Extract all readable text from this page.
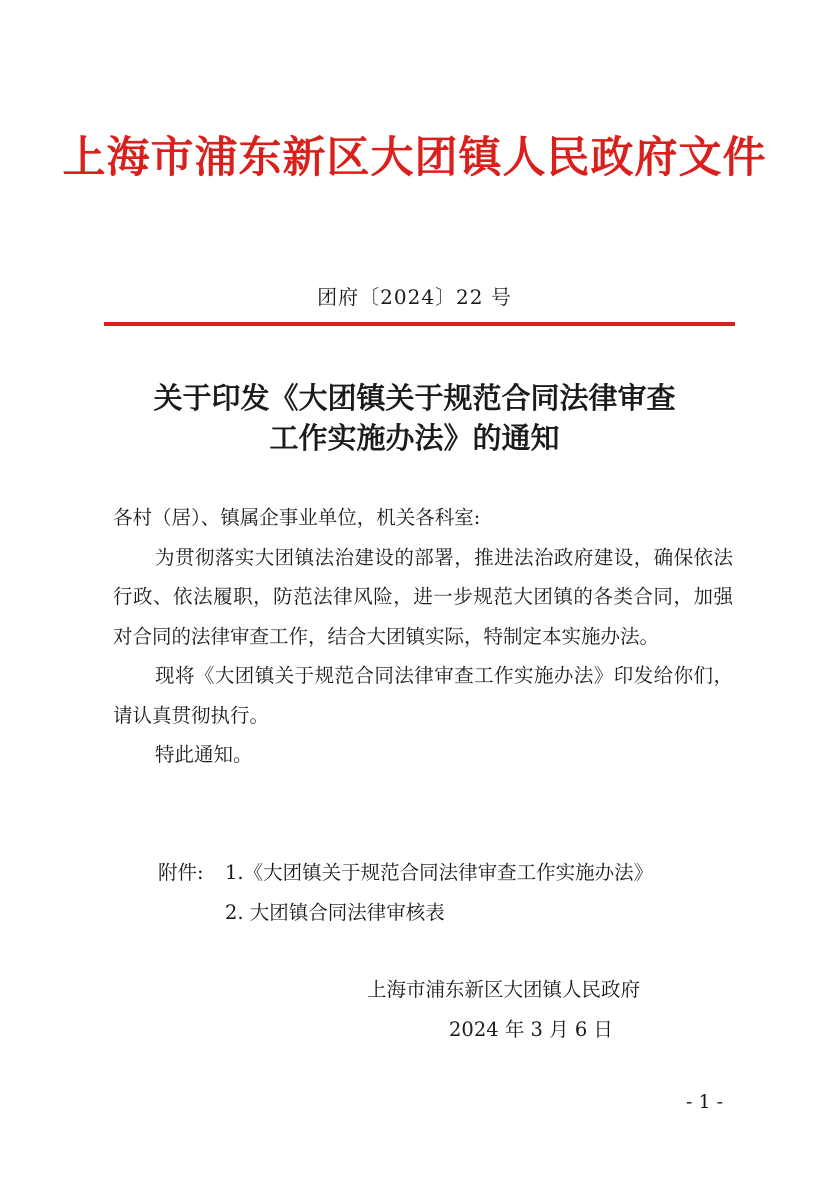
上海市浦东新区大团镇人民政府文件
团府〔2024〕22 号
关于印发《大团镇关于规范合同法律审查
工作实施办法》的通知

各村（居）、镇属企事业单位，机关各科室:

为贯彻落实大团镇法治建设的部署，推进法治政府建设，确保依法行政、依法履职，防范法律风险，进一步规范大团镇的各类合同，加强对合同的法律审查工作，结合大团镇实际，特制定本实施办法。

现将《大团镇关于规范合同法律审查工作实施办法》印发给你们，请认真贯彻执行。

特此通知。

附件: 1.《大团镇关于规范合同法律审查工作实施办法》
2. 大团镇合同法律审核表
上海市浦东新区大团镇人民政府
2024 年 3 月 6 日
- 1 -
